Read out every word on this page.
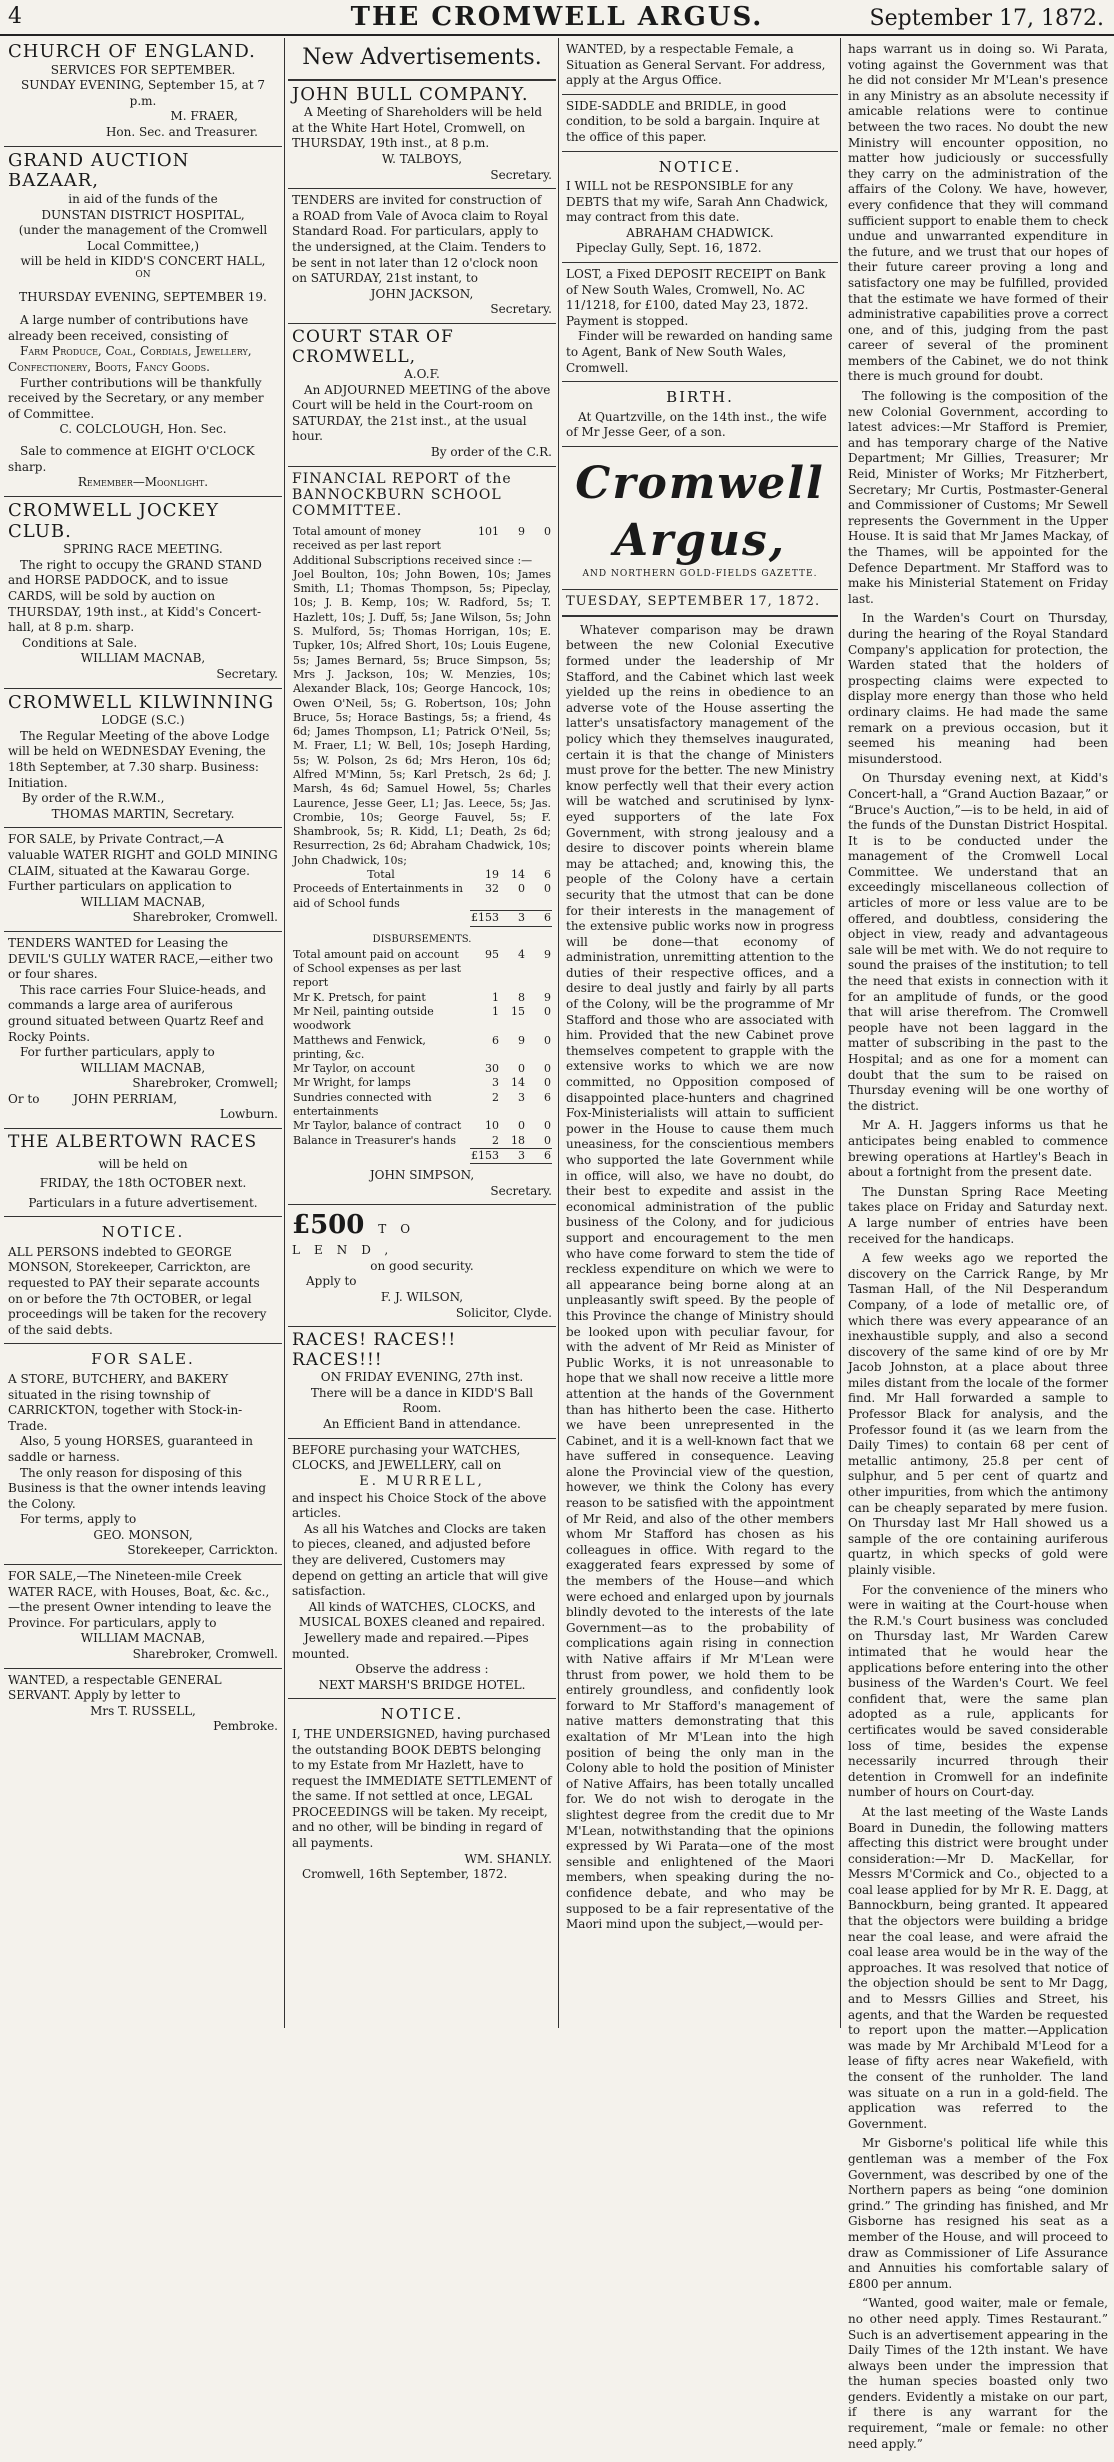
4	THE CROMWELL ARGUS.	September 17, 1872.
CHURCH OF ENGLAND.
SERVICES FOR SEPTEMBER.
SUNDAY EVENING, September 15, at 7 p.m.
M. FRAER,
Hon. Sec. and Treasurer.
GRAND AUCTION BAZAAR,
in aid of the funds of the
DUNSTAN DISTRICT HOSPITAL,
(under the management of the Cromwell Local Committee,)
will be held in KIDD'S CONCERT HALL,
ON
THURSDAY EVENING, SEPTEMBER 19.

A large number of contributions have already been received, consisting of

Farm Produce, Coal, Cordials, Jewellery, Confectionery, Boots, Fancy Goods.

Further contributions will be thankfully received by the Secretary, or any member of Committee.

C. COLCLOUGH, Hon. Sec.

Sale to commence at EIGHT O'CLOCK sharp.

Remember—Moonlight.
CROMWELL JOCKEY CLUB.
SPRING RACE MEETING.

The right to occupy the GRAND STAND and HORSE PADDOCK, and to issue CARDS, will be sold by auction on THURSDAY, 19th inst., at Kidd's Concert-hall, at 8 p.m. sharp.

Conditions at Sale.
WILLIAM MACNAB,
Secretary.
CROMWELL KILWINNING
LODGE (S.C.)

The Regular Meeting of the above Lodge will be held on WEDNESDAY Evening, the 18th September, at 7.30 sharp. Business: Initiation.

By order of the R.W.M.,
THOMAS MARTIN, Secretary.

FOR SALE, by Private Contract,—A valuable WATER RIGHT and GOLD MINING CLAIM, situated at the Kawarau Gorge. Further particulars on application to

WILLIAM MACNAB,
Sharebroker, Cromwell.

TENDERS WANTED for Leasing the DEVIL'S GULLY WATER RACE,—either two or four shares.

This race carries Four Sluice-heads, and commands a large area of auriferous ground situated between Quartz Reef and Rocky Points.

For further particulars, apply to

WILLIAM MACNAB,
Sharebroker, Cromwell;
Or to	JOHN PERRIAM,
Lowburn.
THE ALBERTOWN RACES
will be held on
FRIDAY, the 18th OCTOBER next.
Particulars in a future advertisement.
NOTICE.

ALL PERSONS indebted to GEORGE MONSON, Storekeeper, Carrickton, are requested to PAY their separate accounts on or before the 7th OCTOBER, or legal proceedings will be taken for the recovery of the said debts.

FOR SALE.

A STORE, BUTCHERY, and BAKERY situated in the rising township of CARRICKTON, together with Stock-in-Trade.

Also, 5 young HORSES, guaranteed in saddle or harness.

The only reason for disposing of this Business is that the owner intends leaving the Colony.

For terms, apply to

GEO. MONSON,
Storekeeper, Carrickton.

FOR SALE,—The Nineteen-mile Creek WATER RACE, with Houses, Boat, &c. &c.,—the present Owner intending to leave the Province. For particulars, apply to

WILLIAM MACNAB,
Sharebroker, Cromwell.

WANTED, a respectable GENERAL SERVANT. Apply by letter to

Mrs T. RUSSELL,
Pembroke.
New Advertisements.
JOHN BULL COMPANY.

A Meeting of Shareholders will be held at the White Hart Hotel, Cromwell, on THURSDAY, 19th inst., at 8 p.m.

W. TALBOYS,
Secretary.

TENDERS are invited for construction of a ROAD from Vale of Avoca claim to Royal Standard Road. For particulars, apply to the undersigned, at the Claim. Tenders to be sent in not later than 12 o'clock noon on SATURDAY, 21st instant, to

JOHN JACKSON,
Secretary.
COURT STAR OF CROMWELL,
A.O.F.

An ADJOURNED MEETING of the above Court will be held in the Court-room on SATURDAY, the 21st inst., at the usual hour.

By order of the C.R.
FINANCIAL REPORT of the BANNOCKBURN SCHOOL COMMITTEE.
Total amount of money received as per last report	101	9	0
Additional Subscriptions received since :—			
Joel Boulton, 10s; John Bowen, 10s; James Smith, L1; Thomas Thompson, 5s; Pipeclay, 10s; J. B. Kemp, 10s; W. Radford, 5s; T. Hazlett, 10s; J. Duff, 5s; Jane Wilson, 5s; John S. Mulford, 5s; Thomas Horrigan, 10s; E. Tupker, 10s; Alfred Short, 10s; Louis Eugene, 5s; James Bernard, 5s; Bruce Simpson, 5s; Mrs J. Jackson, 10s; W. Menzies, 10s; Alexander Black, 10s; George Hancock, 10s; Owen O'Neil, 5s; G. Robertson, 10s; John Bruce, 5s; Horace Bastings, 5s; a friend, 4s 6d; James Thompson, L1; Patrick O'Neil, 5s; M. Fraer, L1; W. Bell, 10s; Joseph Harding, 5s; W. Polson, 2s 6d; Mrs Heron, 10s 6d; Alfred M'Minn, 5s; Karl Pretsch, 2s 6d; J. Marsh, 4s 6d; Samuel Howel, 5s; Charles Laurence, Jesse Geer, L1; Jas. Leece, 5s; Jas. Crombie, 10s; George Fauvel, 5s; F. Shambrook, 5s; R. Kidd, L1; Death, 2s 6d; Resurrection, 2s 6d; Abraham Chadwick, 10s; John Chadwick, 10s;			
Total	19	14	6
Proceeds of Entertainments in aid of School funds	32	0	0
	£153	3	6
DISBURSEMENTS.
Total amount paid on account of School expenses as per last report	95	4	9
Mr K. Pretsch, for paint	1	8	9
Mr Neil, painting outside woodwork	1	15	0
Matthews and Fenwick, printing, &c.	6	9	0
Mr Taylor, on account	30	0	0
Mr Wright, for lamps	3	14	0
Sundries connected with entertainments	2	3	6
Mr Taylor, balance of contract	10	0	0
Balance in Treasurer's hands	2	18	0
	£153	3	6
JOHN SIMPSON,
Secretary.
£500 TO LEND,
on good security.
Apply to
F. J. WILSON,
Solicitor, Clyde.
RACES! RACES!! RACES!!!
ON FRIDAY EVENING, 27th inst.
There will be a dance in KIDD'S Ball Room.
An Efficient Band in attendance.

BEFORE purchasing your WATCHES, CLOCKS, and JEWELLERY, call on

E. MURRELL,

and inspect his Choice Stock of the above articles.

As all his Watches and Clocks are taken to pieces, cleaned, and adjusted before they are delivered, Customers may depend on getting an article that will give satisfaction.

All kinds of WATCHES, CLOCKS, and MUSICAL BOXES cleaned and repaired.

Jewellery made and repaired.—Pipes mounted.

Observe the address :
NEXT MARSH'S BRIDGE HOTEL.
NOTICE.

I, THE UNDERSIGNED, having purchased the outstanding BOOK DEBTS belonging to my Estate from Mr Hazlett, have to request the IMMEDIATE SETTLEMENT of the same. If not settled at once, LEGAL PROCEEDINGS will be taken. My receipt, and no other, will be binding in regard of all payments.

WM. SHANLY.
Cromwell, 16th September, 1872.

WANTED, by a respectable Female, a Situation as General Servant. For address, apply at the Argus Office.

SIDE-SADDLE and BRIDLE, in good condition, to be sold a bargain. Inquire at the office of this paper.

NOTICE.

I WILL not be RESPONSIBLE for any DEBTS that my wife, Sarah Ann Chadwick, may contract from this date.

ABRAHAM CHADWICK.
Pipeclay Gully, Sept. 16, 1872.

LOST, a Fixed DEPOSIT RECEIPT on Bank of New South Wales, Cromwell, No. AC 11/1218, for £100, dated May 23, 1872. Payment is stopped.

Finder will be rewarded on handing same to Agent, Bank of New South Wales, Cromwell.

BIRTH.

At Quartzville, on the 14th inst., the wife of Mr Jesse Geer, of a son.

Cromwell Argus,
AND NORTHERN GOLD-FIELDS GAZETTE.
TUESDAY, SEPTEMBER 17, 1872.

Whatever comparison may be drawn between the new Colonial Executive formed under the leadership of Mr Stafford, and the Cabinet which last week yielded up the reins in obedience to an adverse vote of the House asserting the latter's unsatisfactory management of the policy which they themselves inaugurated, certain it is that the change of Ministers must prove for the better. The new Ministry know perfectly well that their every action will be watched and scrutinised by lynx-eyed supporters of the late Fox Government, with strong jealousy and a desire to discover points wherein blame may be attached; and, knowing this, the people of the Colony have a certain security that the utmost that can be done for their interests in the management of the extensive public works now in progress will be done—that economy of administration, unremitting attention to the duties of their respective offices, and a desire to deal justly and fairly by all parts of the Colony, will be the programme of Mr Stafford and those who are associated with him. Provided that the new Cabinet prove themselves competent to grapple with the extensive works to which we are now committed, no Opposition composed of disappointed place-hunters and chagrined Fox-Ministerialists will attain to sufficient power in the House to cause them much uneasiness, for the conscientious members who supported the late Government while in office, will also, we have no doubt, do their best to expedite and assist in the economical administration of the public business of the Colony, and for judicious support and encouragement to the men who have come forward to stem the tide of reckless expenditure on which we were to all appearance being borne along at an unpleasantly swift speed. By the people of this Province the change of Ministry should be looked upon with peculiar favour, for with the advent of Mr Reid as Minister of Public Works, it is not unreasonable to hope that we shall now receive a little more attention at the hands of the Government than has hitherto been the case. Hitherto we have been unrepresented in the Cabinet, and it is a well-known fact that we have suffered in consequence. Leaving alone the Provincial view of the question, however, we think the Colony has every reason to be satisfied with the appointment of Mr Reid, and also of the other members whom Mr Stafford has chosen as his colleagues in office. With regard to the exaggerated fears expressed by some of the members of the House—and which were echoed and enlarged upon by journals blindly devoted to the interests of the late Government—as to the probability of complications again rising in connection with Native affairs if Mr M'Lean were thrust from power, we hold them to be entirely groundless, and confidently look forward to Mr Stafford's management of native matters demonstrating that this exaltation of Mr M'Lean into the high position of being the only man in the Colony able to hold the position of Minister of Native Affairs, has been totally uncalled for. We do not wish to derogate in the slightest degree from the credit due to Mr M'Lean, notwithstanding that the opinions expressed by Wi Parata—one of the most sensible and enlightened of the Maori members, when speaking during the no-confidence debate, and who may be supposed to be a fair representative of the Maori mind upon the subject,—would per-

haps warrant us in doing so. Wi Parata, voting against the Government was that he did not consider Mr M'Lean's presence in any Ministry as an absolute necessity if amicable relations were to continue between the two races. No doubt the new Ministry will encounter opposition, no matter how judiciously or successfully they carry on the administration of the affairs of the Colony. We have, however, every confidence that they will command sufficient support to enable them to check undue and unwarranted expenditure in the future, and we trust that our hopes of their future career proving a long and satisfactory one may be fulfilled, provided that the estimate we have formed of their administrative capabilities prove a correct one, and of this, judging from the past career of several of the prominent members of the Cabinet, we do not think there is much ground for doubt.

The following is the composition of the new Colonial Government, according to latest advices:—Mr Stafford is Premier, and has temporary charge of the Native Department; Mr Gillies, Treasurer; Mr Reid, Minister of Works; Mr Fitzherbert, Secretary; Mr Curtis, Postmaster-General and Commissioner of Customs; Mr Sewell represents the Government in the Upper House. It is said that Mr James Mackay, of the Thames, will be appointed for the Defence Department. Mr Stafford was to make his Ministerial Statement on Friday last.

In the Warden's Court on Thursday, during the hearing of the Royal Standard Company's application for protection, the Warden stated that the holders of prospecting claims were expected to display more energy than those who held ordinary claims. He had made the same remark on a previous occasion, but it seemed his meaning had been misunderstood.

On Thursday evening next, at Kidd's Concert-hall, a “Grand Auction Bazaar,” or “Bruce's Auction,”—is to be held, in aid of the funds of the Dunstan District Hospital. It is to be conducted under the management of the Cromwell Local Committee. We understand that an exceedingly miscellaneous collection of articles of more or less value are to be offered, and doubtless, considering the object in view, ready and advantageous sale will be met with. We do not require to sound the praises of the institution; to tell the need that exists in connection with it for an amplitude of funds, or the good that will arise therefrom. The Cromwell people have not been laggard in the matter of subscribing in the past to the Hospital; and as one for a moment can doubt that the sum to be raised on Thursday evening will be one worthy of the district.

Mr A. H. Jaggers informs us that he anticipates being enabled to commence brewing operations at Hartley's Beach in about a fortnight from the present date.

The Dunstan Spring Race Meeting takes place on Friday and Saturday next. A large number of entries have been received for the handicaps.

A few weeks ago we reported the discovery on the Carrick Range, by Mr Tasman Hall, of the Nil Desperandum Company, of a lode of metallic ore, of which there was every appearance of an inexhaustible supply, and also a second discovery of the same kind of ore by Mr Jacob Johnston, at a place about three miles distant from the locale of the former find. Mr Hall forwarded a sample to Professor Black for analysis, and the Professor found it (as we learn from the Daily Times) to contain 68 per cent of metallic antimony, 25.8 per cent of sulphur, and 5 per cent of quartz and other impurities, from which the antimony can be cheaply separated by mere fusion. On Thursday last Mr Hall showed us a sample of the ore containing auriferous quartz, in which specks of gold were plainly visible.

For the convenience of the miners who were in waiting at the Court-house when the R.M.'s Court business was concluded on Thursday last, Mr Warden Carew intimated that he would hear the applications before entering into the other business of the Warden's Court. We feel confident that, were the same plan adopted as a rule, applicants for certificates would be saved considerable loss of time, besides the expense necessarily incurred through their detention in Cromwell for an indefinite number of hours on Court-day.

At the last meeting of the Waste Lands Board in Dunedin, the following matters affecting this district were brought under consideration:—Mr D. MacKellar, for Messrs M'Cormick and Co., objected to a coal lease applied for by Mr R. E. Dagg, at Bannockburn, being granted. It appeared that the objectors were building a bridge near the coal lease, and were afraid the coal lease area would be in the way of the approaches. It was resolved that notice of the objection should be sent to Mr Dagg, and to Messrs Gillies and Street, his agents, and that the Warden be requested to report upon the matter.—Application was made by Mr Archibald M'Leod for a lease of fifty acres near Wakefield, with the consent of the runholder. The land was situate on a run in a gold-field. The application was referred to the Government.

Mr Gisborne's political life while this gentleman was a member of the Fox Government, was described by one of the Northern papers as being “one dominion grind.” The grinding has finished, and Mr Gisborne has resigned his seat as a member of the House, and will proceed to draw as Commissioner of Life Assurance and Annuities his comfortable salary of £800 per annum.

“Wanted, good waiter, male or female, no other need apply. Times Restaurant.” Such is an advertisement appearing in the Daily Times of the 12th instant. We have always been under the impression that the human species boasted only two genders. Evidently a mistake on our part, if there is any warrant for the requirement, “male or female: no other need apply.”
